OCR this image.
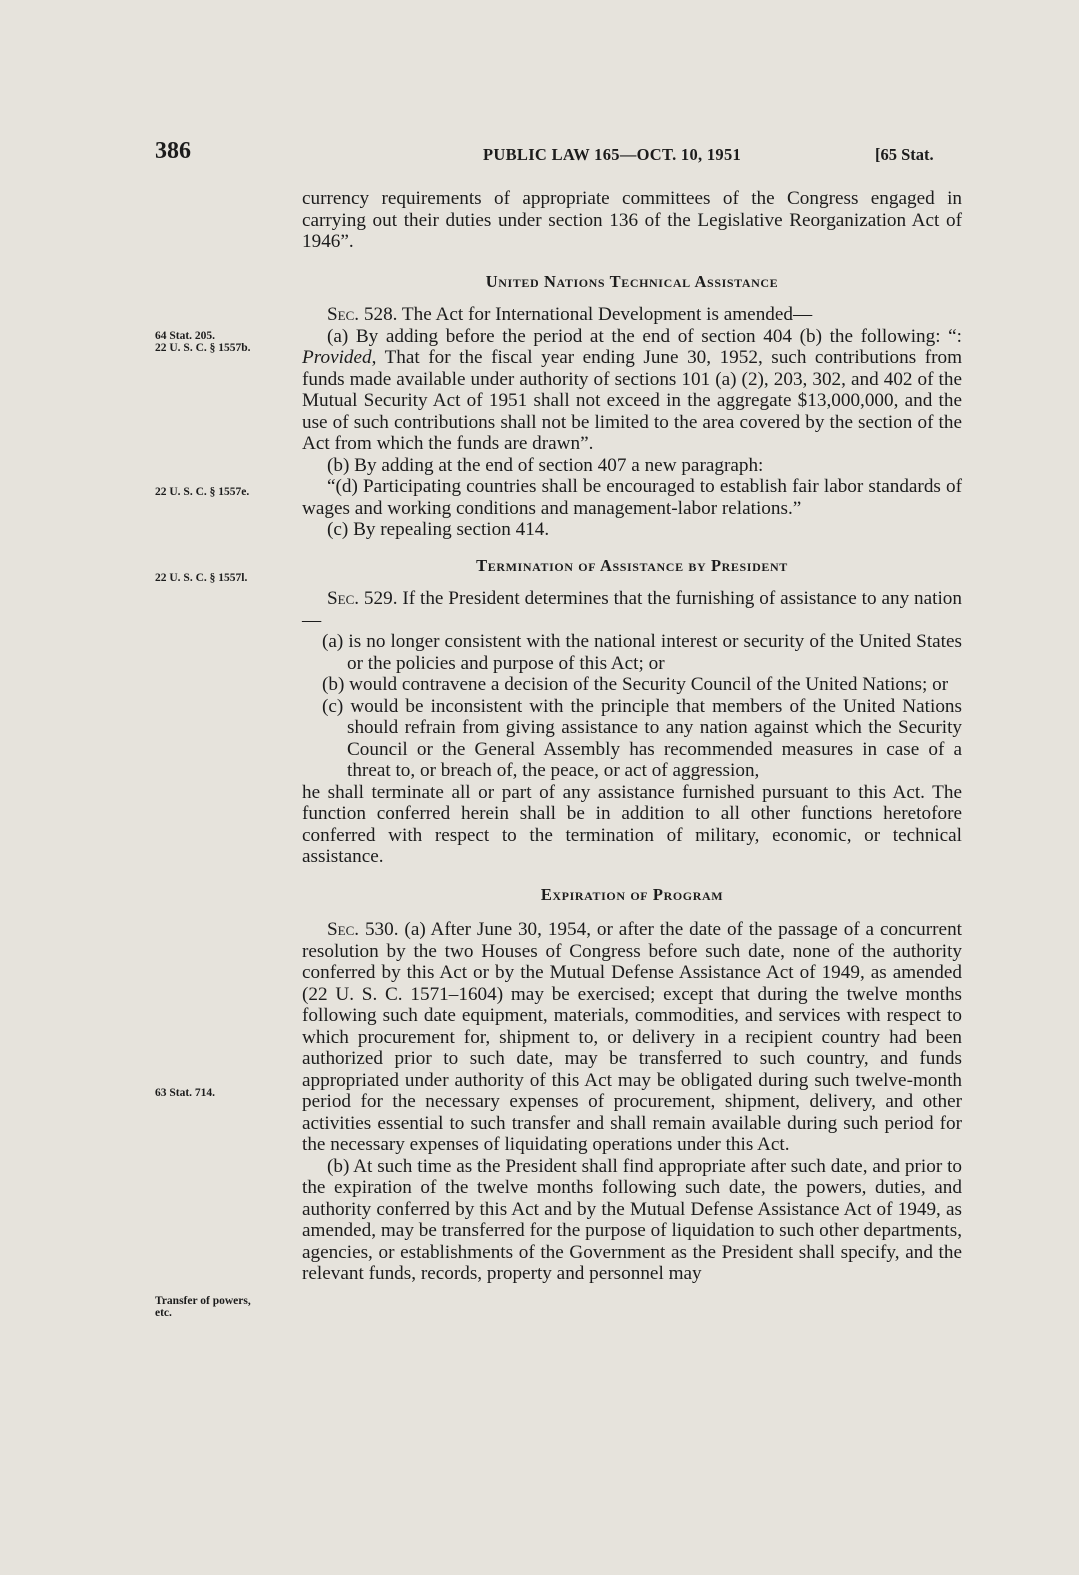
386	PUBLIC LAW 165—OCT. 10, 1951	[65 Stat.
64 Stat. 205.
22 U. S. C. § 1557b.
22 U. S. C. § 1557e.
22 U. S. C. § 1557l.
63 Stat. 714.
Transfer of powers,
etc.

currency requirements of appropriate committees of the Congress engaged in carrying out their duties under section 136 of the Legislative Reorganization Act of 1946”.

United Nations Technical Assistance

Sec. 528. The Act for International Development is amended—

(a) By adding before the period at the end of section 404 (b) the following: “: Provided, That for the fiscal year ending June 30, 1952, such contributions from funds made available under authority of sections 101 (a) (2), 203, 302, and 402 of the Mutual Security Act of 1951 shall not exceed in the aggregate $13,000,000, and the use of such contributions shall not be limited to the area covered by the section of the Act from which the funds are drawn”.

(b) By adding at the end of section 407 a new paragraph:

“(d) Participating countries shall be encouraged to establish fair labor standards of wages and working conditions and management-labor relations.”

(c) By repealing section 414.

Termination of Assistance by President

Sec. 529. If the President determines that the furnishing of assistance to any nation—

(a) is no longer consistent with the national interest or security of the United States or the policies and purpose of this Act; or

(b) would contravene a decision of the Security Council of the United Nations; or

(c) would be inconsistent with the principle that members of the United Nations should refrain from giving assistance to any nation against which the Security Council or the General Assembly has recommended measures in case of a threat to, or breach of, the peace, or act of aggression,

he shall terminate all or part of any assistance furnished pursuant to this Act. The function conferred herein shall be in addition to all other functions heretofore conferred with respect to the termination of military, economic, or technical assistance.

Expiration of Program

Sec. 530. (a) After June 30, 1954, or after the date of the passage of a concurrent resolution by the two Houses of Congress before such date, none of the authority conferred by this Act or by the Mutual Defense Assistance Act of 1949, as amended (22 U. S. C. 1571–1604) may be exercised; except that during the twelve months following such date equipment, materials, commodities, and services with respect to which procurement for, shipment to, or delivery in a recipient country had been authorized prior to such date, may be transferred to such country, and funds appropriated under authority of this Act may be obligated during such twelve-month period for the necessary expenses of procurement, shipment, delivery, and other activities essential to such transfer and shall remain available during such period for the necessary expenses of liquidating operations under this Act.

(b) At such time as the President shall find appropriate after such date, and prior to the expiration of the twelve months following such date, the powers, duties, and authority conferred by this Act and by the Mutual Defense Assistance Act of 1949, as amended, may be transferred for the purpose of liquidation to such other departments, agencies, or establishments of the Government as the President shall specify, and the relevant funds, records, property and personnel may
